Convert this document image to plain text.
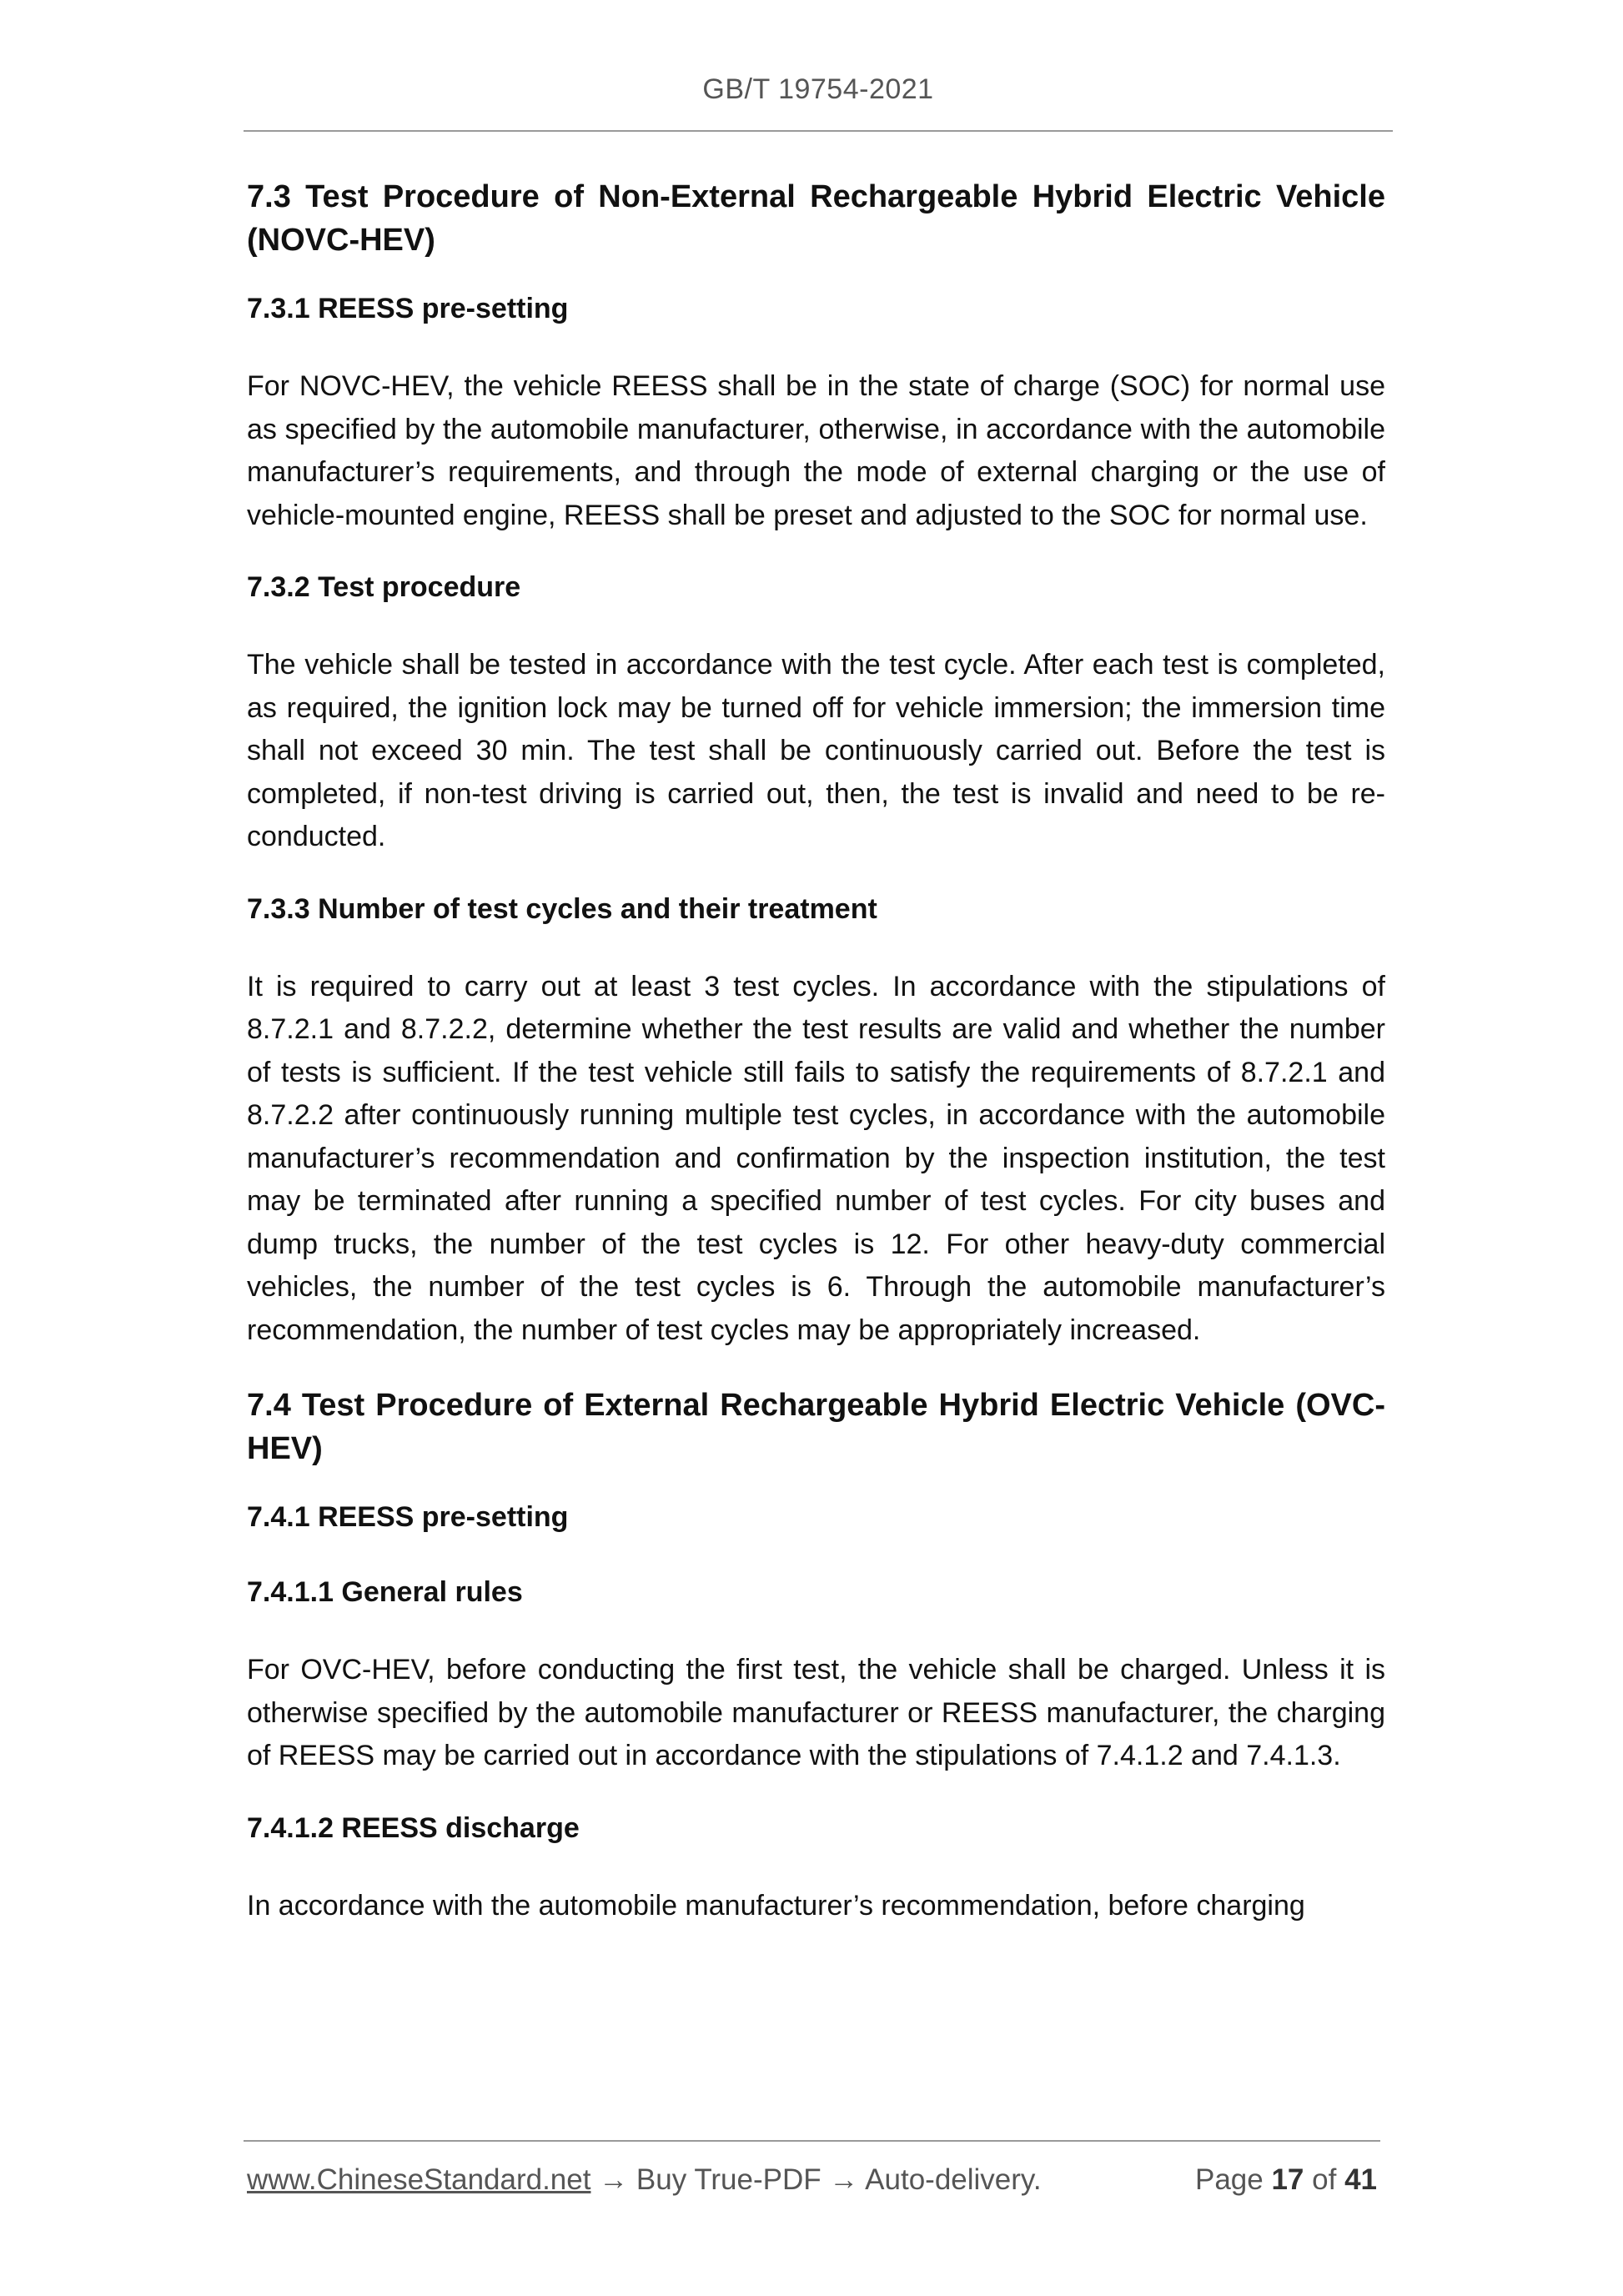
GB/T 19754-2021
7.3 Test Procedure of Non-External Rechargeable Hybrid Electric Vehicle (NOVC-HEV)
7.3.1 REESS pre-setting
For NOVC-HEV, the vehicle REESS shall be in the state of charge (SOC) for normal use as specified by the automobile manufacturer, otherwise, in accordance with the automobile manufacturer’s requirements, and through the mode of external charging or the use of vehicle-mounted engine, REESS shall be preset and adjusted to the SOC for normal use.
7.3.2 Test procedure
The vehicle shall be tested in accordance with the test cycle. After each test is completed, as required, the ignition lock may be turned off for vehicle immersion; the immersion time shall not exceed 30 min. The test shall be continuously carried out. Before the test is completed, if non-test driving is carried out, then, the test is invalid and need to be re-conducted.
7.3.3 Number of test cycles and their treatment
It is required to carry out at least 3 test cycles. In accordance with the stipulations of 8.7.2.1 and 8.7.2.2, determine whether the test results are valid and whether the number of tests is sufficient. If the test vehicle still fails to satisfy the requirements of 8.7.2.1 and 8.7.2.2 after continuously running multiple test cycles, in accordance with the automobile manufacturer’s recommendation and confirmation by the inspection institution, the test may be terminated after running a specified number of test cycles. For city buses and dump trucks, the number of the test cycles is 12. For other heavy-duty commercial vehicles, the number of the test cycles is 6. Through the automobile manufacturer’s recommendation, the number of test cycles may be appropriately increased.
7.4 Test Procedure of External Rechargeable Hybrid Electric Vehicle (OVC-HEV)
7.4.1 REESS pre-setting
7.4.1.1 General rules
For OVC-HEV, before conducting the first test, the vehicle shall be charged. Unless it is otherwise specified by the automobile manufacturer or REESS manufacturer, the charging of REESS may be carried out in accordance with the stipulations of 7.4.1.2 and 7.4.1.3.
7.4.1.2 REESS discharge
In accordance with the automobile manufacturer’s recommendation, before charging
www.ChineseStandard.net → Buy True-PDF → Auto-delivery.	Page 17 of 41
